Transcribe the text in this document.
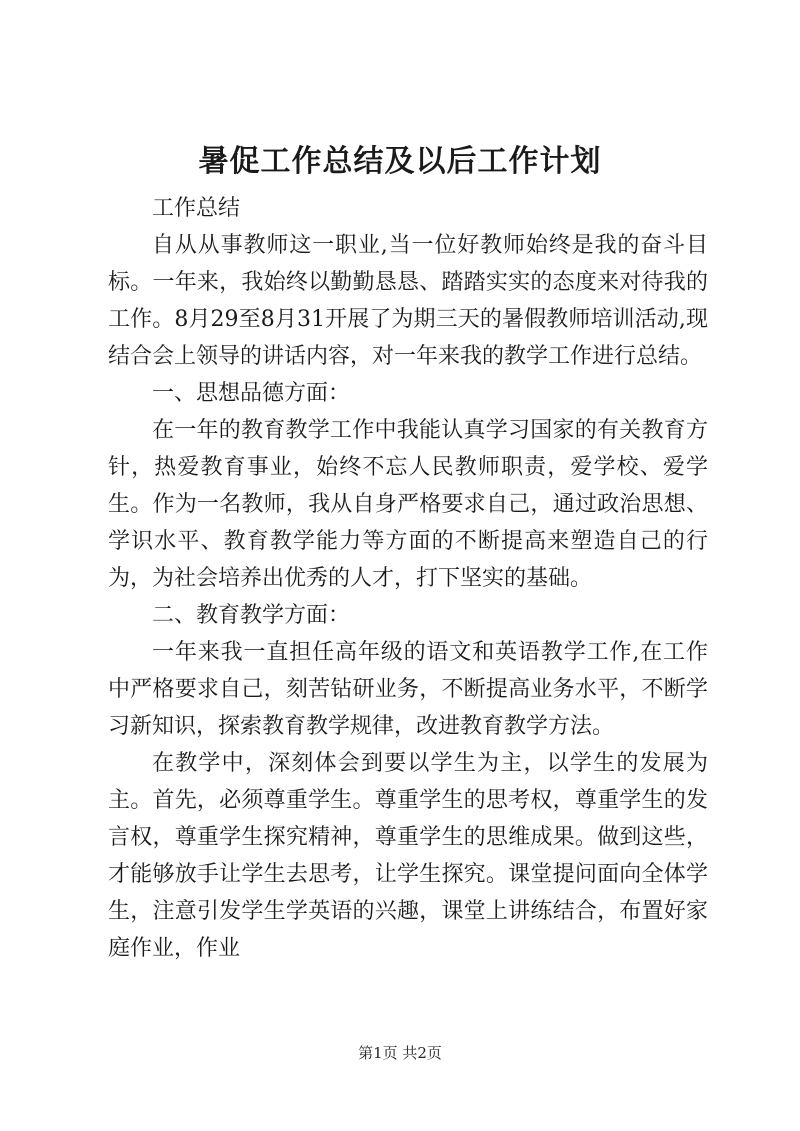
暑促工作总结及以后工作计划

工作总结

自从从事教师这一职业,当一位好教师始终是我的奋斗目标。一年来，我始终以勤勤恳恳、踏踏实实的态度来对待我的工作。8月29至8月31开展了为期三天的暑假教师培训活动,现结合会上领导的讲话内容，对一年来我的教学工作进行总结。

一、思想品德方面：

在一年的教育教学工作中我能认真学习国家的有关教育方针，热爱教育事业，始终不忘人民教师职责，爱学校、爱学生。作为一名教师，我从自身严格要求自己，通过政治思想、学识水平、教育教学能力等方面的不断提高来塑造自己的行为，为社会培养出优秀的人才，打下坚实的基础。

二、教育教学方面：

一年来我一直担任高年级的语文和英语教学工作,在工作中严格要求自己，刻苦钻研业务，不断提高业务水平，不断学习新知识，探索教育教学规律，改进教育教学方法。

在教学中，深刻体会到要以学生为主，以学生的发展为主。首先，必须尊重学生。尊重学生的思考权，尊重学生的发言权，尊重学生探究精神，尊重学生的思维成果。做到这些，才能够放手让学生去思考，让学生探究。课堂提问面向全体学生，注意引发学生学英语的兴趣，课堂上讲练结合，布置好家庭作业，作业

第1页 共2页
